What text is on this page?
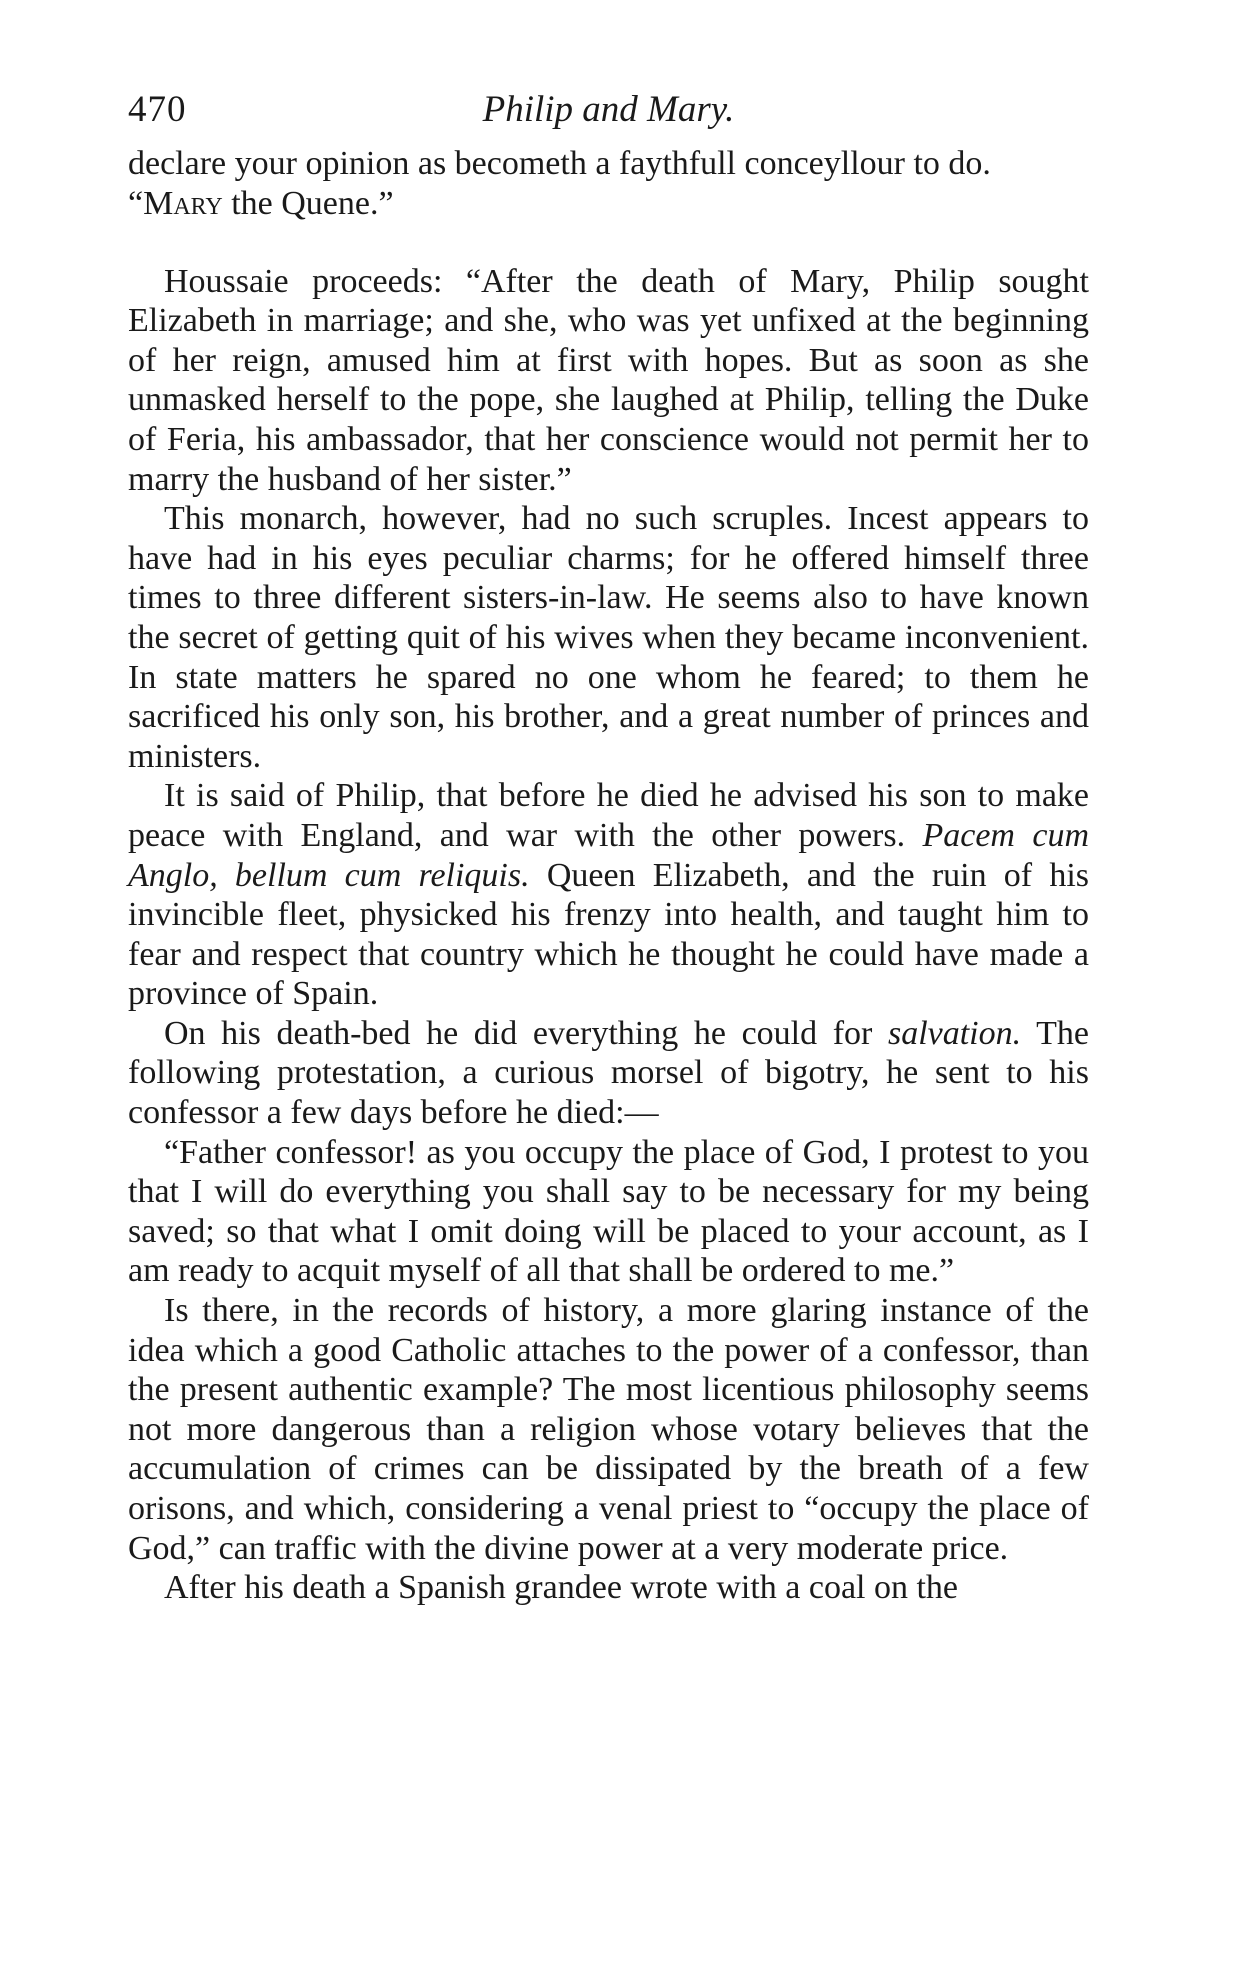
470	Philip and Mary.

declare your opinion as becometh a faythfull conceyllour to do.

“Mary the Quene.”

Houssaie proceeds: “After the death of Mary, Philip sought Elizabeth in marriage; and she, who was yet unfixed at the beginning of her reign, amused him at first with hopes. But as soon as she unmasked herself to the pope, she laughed at Philip, telling the Duke of Feria, his ambassador, that her conscience would not permit her to marry the husband of her sister.”

This monarch, however, had no such scruples. Incest appears to have had in his eyes peculiar charms; for he offered himself three times to three different sisters-in-law. He seems also to have known the secret of getting quit of his wives when they became inconvenient. In state matters he spared no one whom he feared; to them he sacrificed his only son, his brother, and a great number of princes and ministers.

It is said of Philip, that before he died he advised his son to make peace with England, and war with the other powers. Pacem cum Anglo, bellum cum reliquis. Queen Elizabeth, and the ruin of his invincible fleet, physicked his frenzy into health, and taught him to fear and respect that country which he thought he could have made a province of Spain.

On his death-bed he did everything he could for salvation. The following protestation, a curious morsel of bigotry, he sent to his confessor a few days before he died:—

“Father confessor! as you occupy the place of God, I protest to you that I will do everything you shall say to be necessary for my being saved; so that what I omit doing will be placed to your account, as I am ready to acquit myself of all that shall be ordered to me.”

Is there, in the records of history, a more glaring instance of the idea which a good Catholic attaches to the power of a confessor, than the present authentic example? The most licentious philosophy seems not more dangerous than a religion whose votary believes that the accumulation of crimes can be dissipated by the breath of a few orisons, and which, considering a venal priest to “occupy the place of God,” can traffic with the divine power at a very moderate price.

After his death a Spanish grandee wrote with a coal on the
